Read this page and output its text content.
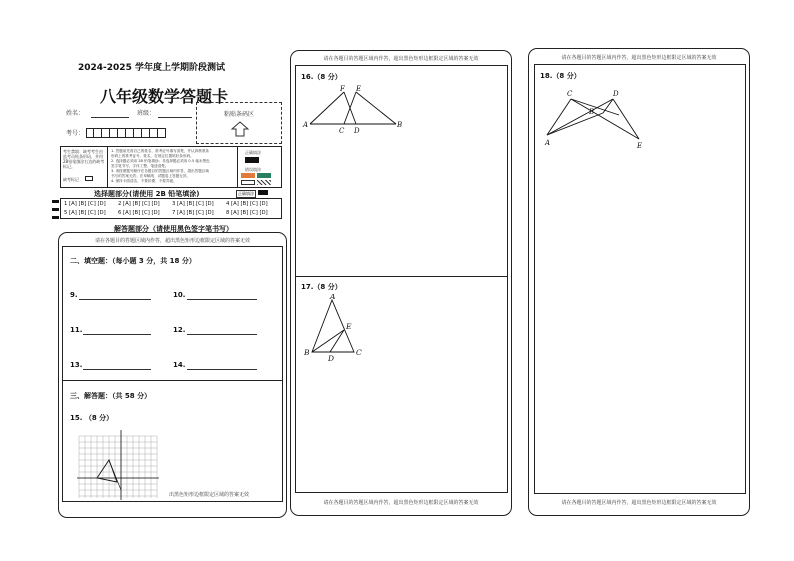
2024-2025 学年度上学期阶段测试
八年级数学答题卡
姓名：	班级：
考号：
粘贴条码区
考生禁填：缺考考生由监考员贴条形码，并用2B铅笔填涂右边的缺考标记。
缺考标记
1. 答题前先将自己的姓名、准考证号填写清楚，并认真核准条
形码上的准考证号、姓名，在规定位置贴好条形码。
2. 选择题必须用 2B 铅笔填涂；非选择题必须用 0.5 毫米黑色
签字笔书写，字体工整，笔迹清楚。
3. 请按照题号顺序在各题目的答题区域内作答，超出答题区域
书写的答案无效；在草稿纸、试题卷上答题无效。
4. 保持卡面清洁，不要折叠、不要弄破。
正确填涂
错误填涂
选择题部分(请使用 2B 铅笔填涂)	正确填涂
1 [A] [B] [C] [D]	2 [A] [B] [C] [D]	3 [A] [B] [C] [D]	4 [A] [B] [C] [D]
5 [A] [B] [C] [D]	6 [A] [B] [C] [D]	7 [A] [B] [C] [D]	8 [A] [B] [C] [D]
解答题部分（请使用黑色签字笔书写）
请在各题目的答题区域内作答，超出黑色矩形边框限定区域的答案无效
二、填空题：（每小题 3 分，共 18 分）
9.	10.
11.	12.
13.	14.
三、解答题：（共 58 分）
15. （8 分）
出黑色矩形边框限定区域的答案无效
请在各题目的答题区域内作答，超出黑色矩形边框限定区域的答案无效
16.（8 分）
A
F E
C D
B
17.（8 分）
A
E
B
D
C
请在各题目的答题区域内作答，超出黑色矩形边框限定区域的答案无效
请在各题目的答题区域内作答，超出黑色矩形边框限定区域的答案无效
18.（8 分）
C	D
B
A	E
请在各题目的答题区域内作答，超出黑色矩形边框限定区域的答案无效
